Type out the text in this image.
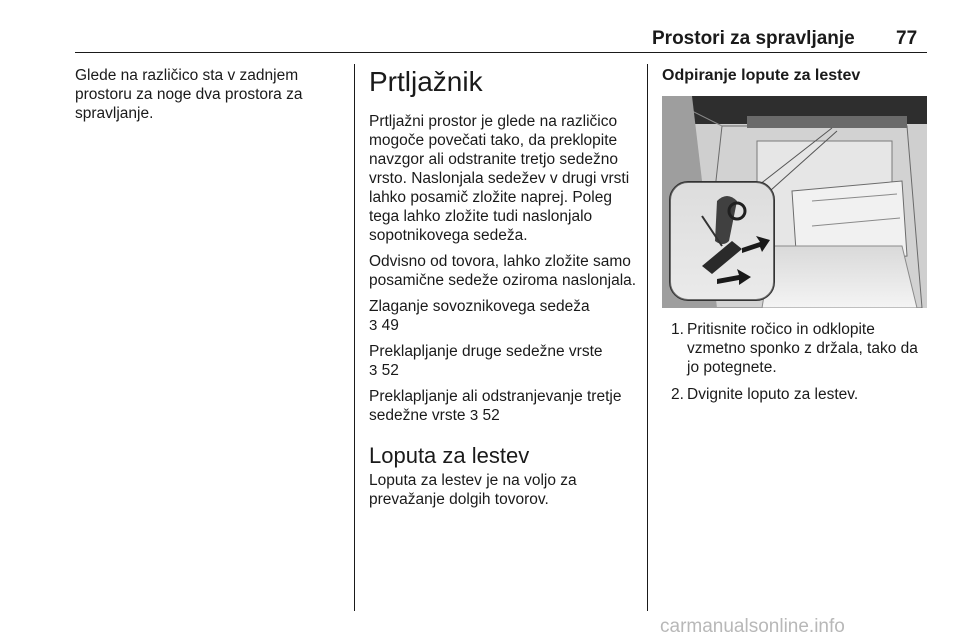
Prostori za spravljanje 77

Glede na različico sta v zadnjem prostoru za noge dva prostora za spravljanje.

Prtljažnik

Prtljažni prostor je glede na različico mogoče povečati tako, da preklopite navzgor ali odstranite tretjo sedežno vrsto. Naslonjala sedežev v drugi vrsti lahko posamič zložite naprej. Poleg tega lahko zložite tudi naslonjalo sopotnikovega sedeža.

Odvisno od tovora, lahko zložite samo posamične sedeže oziroma naslonjala.

Zlaganje sovoznikovega sedeža
3 49

Preklapljanje druge sedežne vrste
3 52

Preklapljanje ali odstranjevanje tretje sedežne vrste 3 52

Loputa za lestev

Loputa za lestev je na voljo za prevažanje dolgih tovorov.

Odpiranje lopute za lestev
1. Pritisnite ročico in odklopite vzmetno sponko z držala, tako da jo potegnete.
2. Dvignite loputo za lestev.
carmanualsonline.info
